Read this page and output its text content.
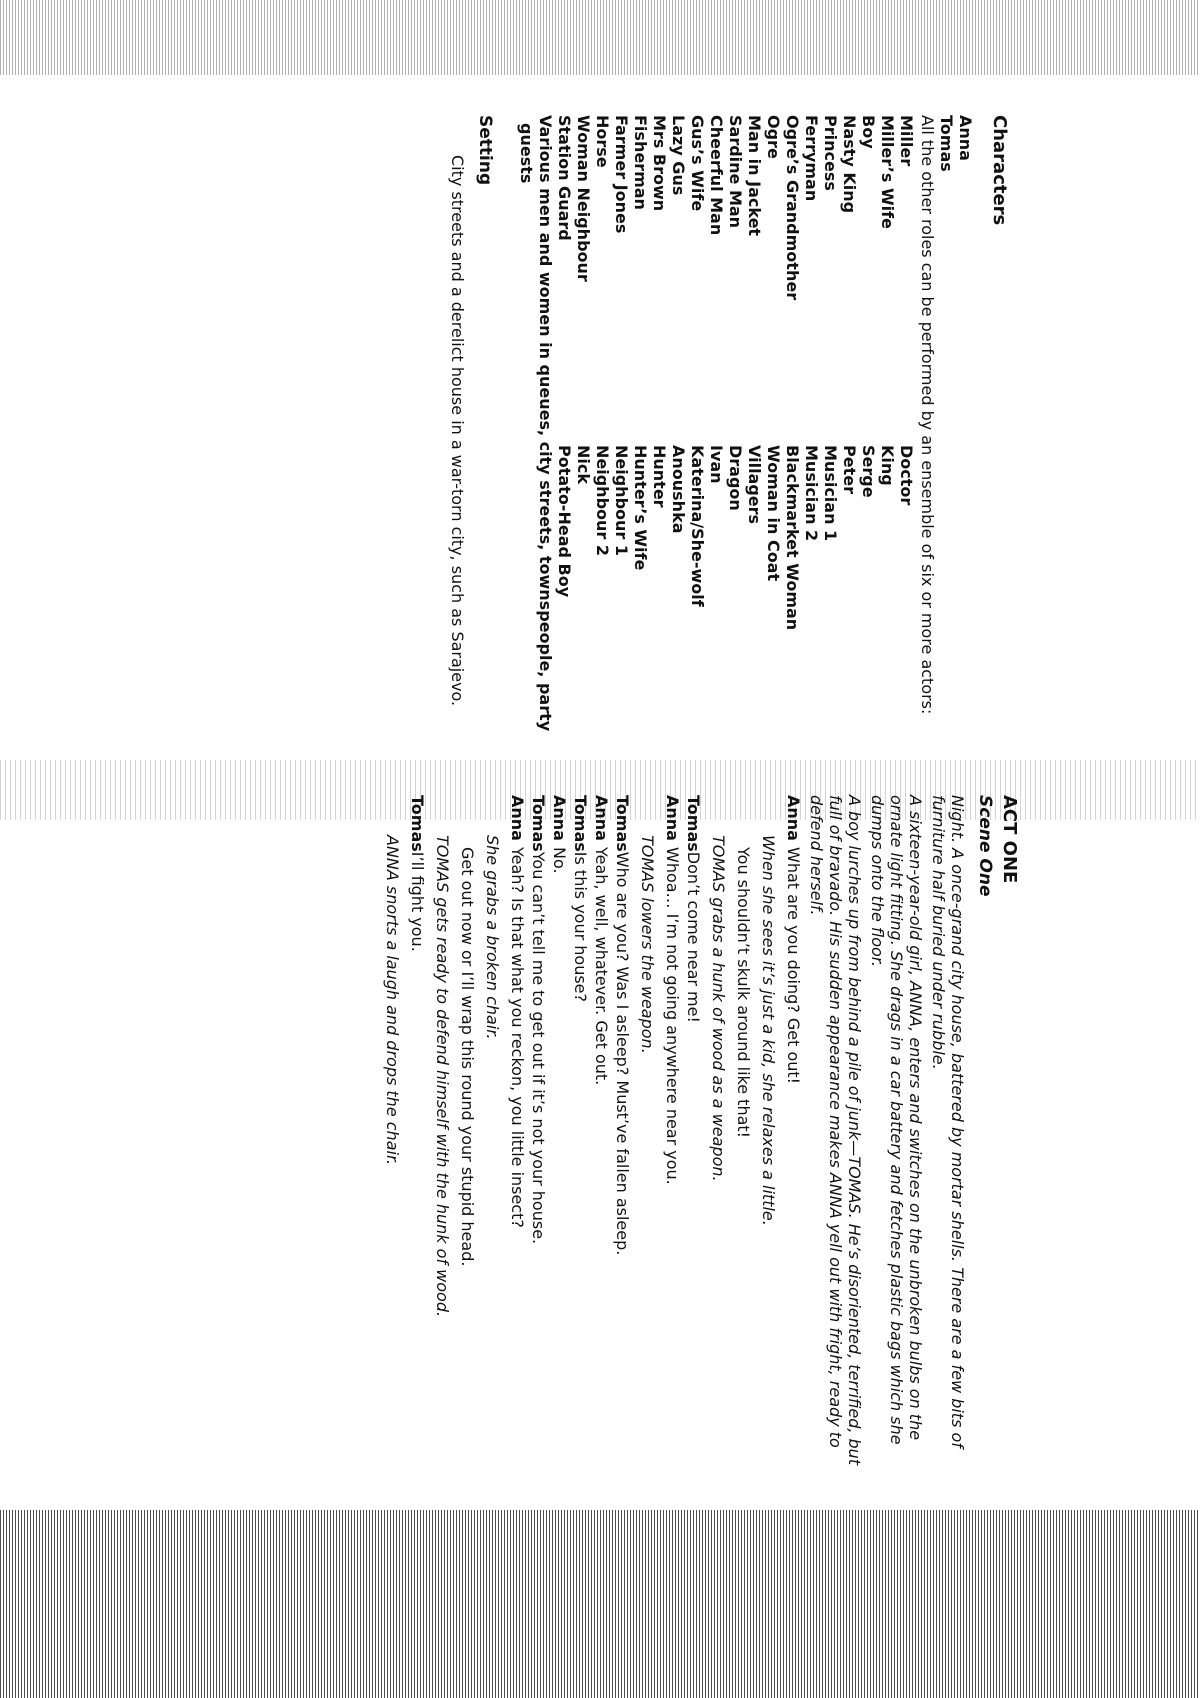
Characters
Anna
Tomas
All the other roles can be performed by an ensemble of six or more actors:
Miller
Miller’s Wife
Boy
Nasty King
Princess
Ferryman
Ogre’s Grandmother
Ogre
Man in Jacket
Sardine Man
Cheerful Man
Gus’s Wife
Lazy Gus
Mrs Brown
Fisherman
Farmer Jones
Horse
Woman Neighbour
Station Guard
Doctor
King
Serge
Peter
Musician 1
Musician 2
Blackmarket Woman
Woman in Coat
Villagers
Dragon
Ivan
Katerina/She-wolf
Anoushka
Hunter
Hunter’s Wife
Neighbour 1
Neighbour 2
Nick
Potato-Head Boy
Various men and women in queues, city streets, townspeople, party guests
Setting
City streets and a derelict house in a war-torn city, such as Sarajevo.
ACT ONE
Scene One
Night. A once-grand city house, battered by mortar shells. There are a few bits of furniture half buried under rubble.
A sixteen-year-old girl, ANNA, enters and switches on the unbroken bulbs on the ornate light fitting. She drags in a car battery and fetches plastic bags which she dumps onto the floor.
A boy lurches up from behind a pile of junk—TOMAS. He’s disoriented, terrified, but full of bravado. His sudden appearance makes ANNA yell out with fright, ready to defend herself.
AnnaWhat are you doing? Get out!
When she sees it’s just a kid, she relaxes a little.
You shouldn’t skulk around like that!
TOMAS grabs a hunk of wood as a weapon.
TomasDon’t come near me!
AnnaWhoa… I’m not going anywhere near you.
TOMAS lowers the weapon.
TomasWho are you? Was I asleep? Must’ve fallen asleep.
AnnaYeah, well, whatever. Get out.
TomasIs this your house?
AnnaNo.
TomasYou can’t tell me to get out if it’s not your house.
AnnaYeah? Is that what you reckon, you little insect?
She grabs a broken chair.
Get out now or I’ll wrap this round your stupid head.
TOMAS gets ready to defend himself with the hunk of wood.
TomasI’ll fight you.
ANNA snorts a laugh and drops the chair.
